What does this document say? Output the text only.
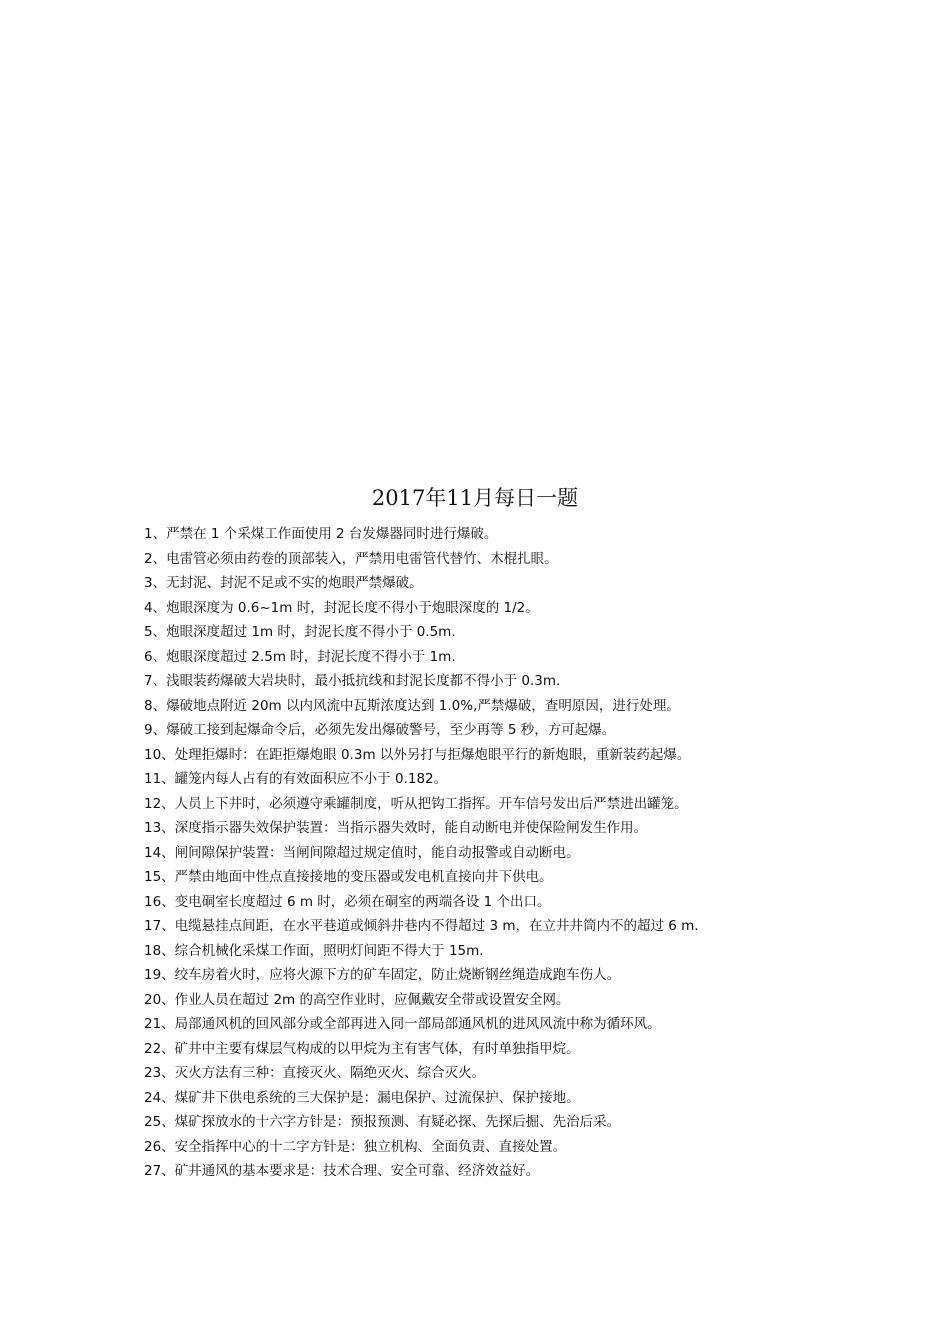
2017年11月每日一题
1、严禁在 1 个采煤工作面使用 2 台发爆器同时进行爆破。
2、电雷管必须由药卷的顶部装入，严禁用电雷管代替竹、木棍扎眼。
3、无封泥、封泥不足或不实的炮眼严禁爆破。
4、炮眼深度为 0.6~1m 时，封泥长度不得小于炮眼深度的 1/2。
5、炮眼深度超过 1m 时，封泥长度不得小于 0.5m.
6、炮眼深度超过 2.5m 时，封泥长度不得小于 1m.
7、浅眼装药爆破大岩块时，最小抵抗线和封泥长度都不得小于 0.3m.
8、爆破地点附近 20m 以内风流中瓦斯浓度达到 1.0%,严禁爆破，查明原因，进行处理。
9、爆破工接到起爆命令后，必须先发出爆破警号，至少再等 5 秒，方可起爆。
10、处理拒爆时：在距拒爆炮眼 0.3m 以外另打与拒爆炮眼平行的新炮眼，重新装药起爆。
11、罐笼内每人占有的有效面积应不小于 0.182。
12、人员上下井时，必须遵守乘罐制度，听从把钩工指挥。开车信号发出后严禁进出罐笼。
13、深度指示器失效保护装置：当指示器失效时，能自动断电并使保险闸发生作用。
14、闸间隙保护装置：当闸间隙超过规定值时，能自动报警或自动断电。
15、严禁由地面中性点直接接地的变压器或发电机直接向井下供电。
16、变电硐室长度超过 6 m 时，必须在硐室的两端各设 1 个出口。
17、电缆悬挂点间距，在水平巷道或倾斜井巷内不得超过 3 m，在立井井筒内不的超过 6 m.
18、综合机械化采煤工作面，照明灯间距不得大于 15m.
19、绞车房着火时，应将火源下方的矿车固定，防止烧断钢丝绳造成跑车伤人。
20、作业人员在超过 2m 的高空作业时，应佩戴安全带或设置安全网。
21、局部通风机的回风部分或全部再进入同一部局部通风机的进风风流中称为循环风。
22、矿井中主要有煤层气构成的以甲烷为主有害气体，有时单独指甲烷。
23、灭火方法有三种：直接灭火、隔绝灭火、综合灭火。
24、煤矿井下供电系统的三大保护是：漏电保护、过流保护、保护接地。
25、煤矿探放水的十六字方针是：预报预测、有疑必探、先探后掘、先治后采。
26、安全指挥中心的十二字方针是：独立机构、全面负责、直接处置。
27、矿井通风的基本要求是：技术合理、安全可靠、经济效益好。
